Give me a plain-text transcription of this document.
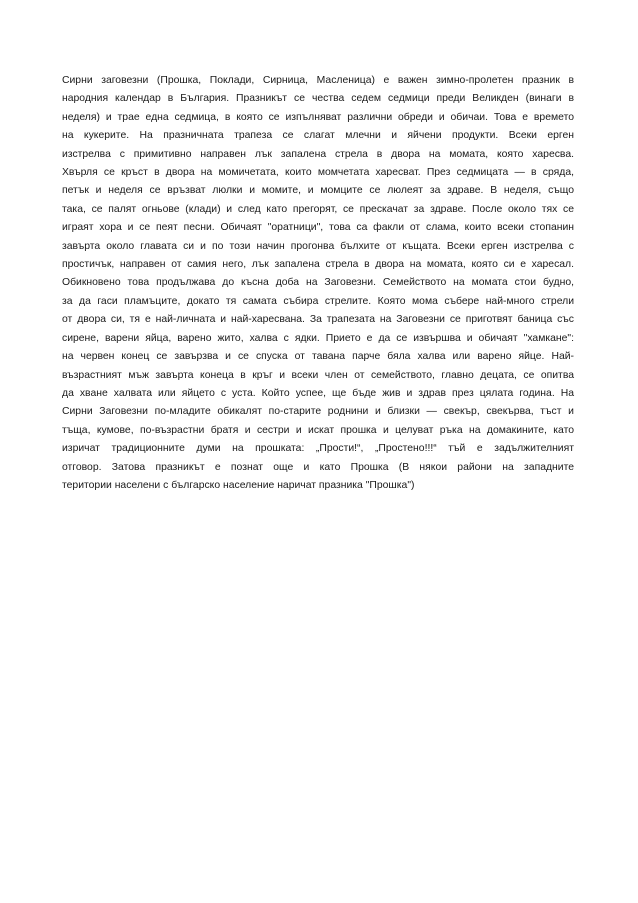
Сирни заговезни (Прошка, Поклади, Сирница, Масленица) е важен зимно-пролетен празник в
народния календар в България. Празникът се чества седем седмици преди Великден (винаги в
неделя) и трае една седмица, в която се изпълняват различни обреди и обичаи. Това е времето
на кукерите. На празничната трапеза се слагат млечни и яйчени продукти. Всеки ерген
изстрелва с примитивно направен лък запалена стрела в двора на момата, която харесва.
Хвърля се кръст в двора на момичетата, които момчетата харесват. През седмицата — в сряда,
петък и неделя се връзват люлки и момите, и момците се люлеят за здраве. В неделя, също
така, се палят огньове (клади) и след като прегорят, се прескачат за здраве. После около тях се
играят хора и се пеят песни. Обичаят "оратници", това са факли от слама, които всеки стопанин
завърта около главата си и по този начин прогонва бълхите от къщата. Всеки ерген изстрелва с
простичък, направен от самия него, лък запалена стрела в двора на момата, която си е харесал.
Обикновено това продължава до късна доба на Заговезни. Семейството на момата стои будно,
за да гаси пламъците, докато тя самата събира стрелите. Която мома събере най-много стрели
от двора си, тя е най-личната и най-харесвана. За трапезата на Заговезни се приготвят баница със
сирене, варени яйца, варено жито, халва с ядки. Прието е да се извършва и обичаят "хамкане":
на червен конец се завързва и се спуска от тавана парче бяла халва или варено яйце. Най-
възрастният мъж завърта конеца в кръг и всеки член от семейството, главно децата, се опитва
да хване халвата или яйцето с уста. Който успее, ще бъде жив и здрав през цялата година. На
Сирни Заговезни по-младите обикалят по-старите роднини и близки — свекър, свекърва, тъст и
тъща, кумове, по-възрастни братя и сестри и искат прошка и целуват ръка на домакините, като
изричат традиционните думи на прошката: „Прости!“, „Простено!!!“ тъй е задължителният
отговор. Затова празникът е познат още и като Прошка (В някои райони на западните
територии населени с българско население наричат празника "Прошка")
